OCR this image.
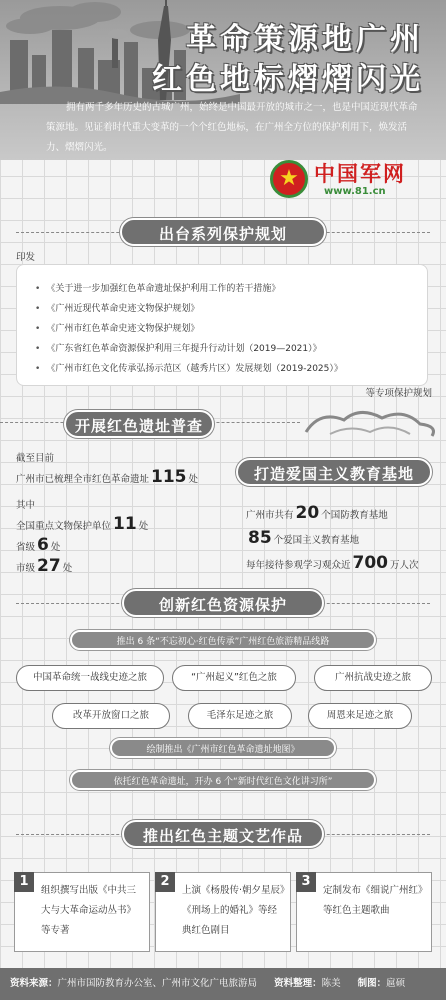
革命策源地广州
红色地标熠熠闪光
拥有两千多年历史的古城广州，始终是中国最开放的城市之一，也是中国近现代革命策源地。见证着时代重大变革的一个个红色地标，在广州全方位的保护利用下，焕发活力、熠熠闪光。
★ 中国军网
www.81.cn
出台系列保护规划
印发
• 《关于进一步加强红色革命遗址保护利用工作的若干措施》
• 《广州近现代革命史迹文物保护规划》
• 《广州市红色革命史迹文物保护规划》
• 《广东省红色革命资源保护利用三年提升行动计划（2019—2021）》
• 《广州市红色文化传承弘扬示范区（越秀片区）发展规划（2019-2025）》
等专项保护规划
开展红色遗址普查
截至目前
广州市已梳理全市红色革命遗址 115 处
其中
全国重点文物保护单位 11 处
省级 6 处
市级 27 处
打造爱国主义教育基地
广州市共有 20 个国防教育基地
85 个爱国主义教育基地
每年接待参观学习观众近 700 万人次
创新红色资源保护
推出 6 条“不忘初心·红色传承”广州红色旅游精品线路
中国革命统一战线史迹之旅	“广州起义”红色之旅	广州抗战史迹之旅
改革开放窗口之旅	毛泽东足迹之旅	周恩来足迹之旅
绘制推出《广州市红色革命遗址地图》
依托红色革命遗址，开办 6 个“新时代红色文化讲习所”
推出红色主题文艺作品
1
组织撰写出版《中共三大与大革命运动丛书》等专著
2
上演《杨殷传·朝夕星辰》《刑场上的婚礼》等经典红色剧目
3
定制发布《细说广州红》等红色主题歌曲
资料来源：广州市国防教育办公室、广州市文化广电旅游局 资料整理：陈美 制图：扈硕
